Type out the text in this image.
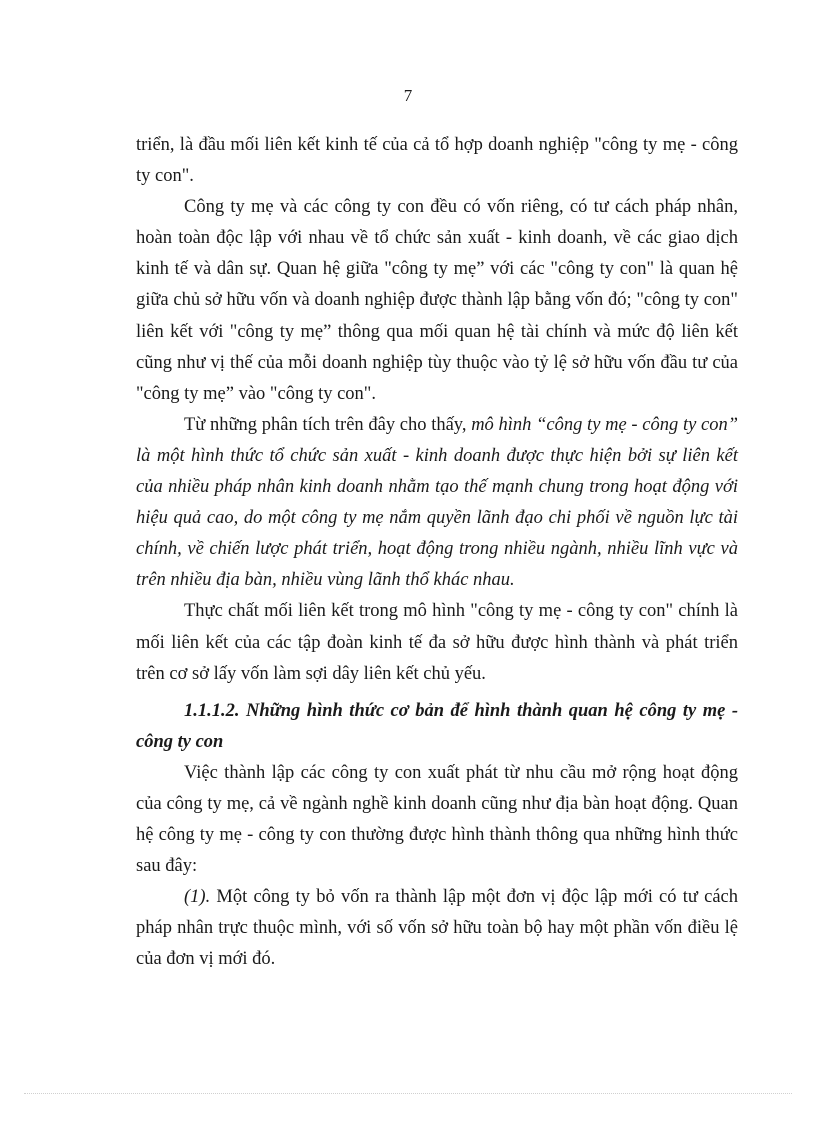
7

triển, là đầu mối liên kết kinh tế của cả tổ hợp doanh nghiệp "công ty mẹ - công ty con".

Công ty mẹ và các công ty con đều có vốn riêng, có tư cách pháp nhân, hoàn toàn độc lập với nhau về tổ chức sản xuất - kinh doanh, về các giao dịch kinh tế và dân sự. Quan hệ giữa "công ty mẹ” với các "công ty con" là quan hệ giữa chủ sở hữu vốn và doanh nghiệp được thành lập bằng vốn đó; "công ty con" liên kết với "công ty mẹ” thông qua mối quan hệ tài chính và mức độ liên kết cũng như vị thế của mỗi doanh nghiệp tùy thuộc vào tỷ lệ sở hữu vốn đầu tư của "công ty mẹ” vào "công ty con".

Từ những phân tích trên đây cho thấy, mô hình “công ty mẹ - công ty con” là một hình thức tổ chức sản xuất - kinh doanh được thực hiện bởi sự liên kết của nhiều pháp nhân kinh doanh nhằm tạo thế mạnh chung trong hoạt động với hiệu quả cao, do một công ty mẹ nắm quyền lãnh đạo chi phối về nguồn lực tài chính, về chiến lược phát triển, hoạt động trong nhiều ngành, nhiều lĩnh vực và trên nhiều địa bàn, nhiều vùng lãnh thổ khác nhau.

Thực chất mối liên kết trong mô hình "công ty mẹ - công ty con" chính là mối liên kết của các tập đoàn kinh tế đa sở hữu được hình thành và phát triển trên cơ sở lấy vốn làm sợi dây liên kết chủ yếu.

1.1.1.2. Những hình thức cơ bản để hình thành quan hệ công ty mẹ - công ty con

Việc thành lập các công ty con xuất phát từ nhu cầu mở rộng hoạt động của công ty mẹ, cả về ngành nghề kinh doanh cũng như địa bàn hoạt động. Quan hệ công ty mẹ - công ty con thường được hình thành thông qua những hình thức sau đây:

(1). Một công ty bỏ vốn ra thành lập một đơn vị độc lập mới có tư cách pháp nhân trực thuộc mình, với số vốn sở hữu toàn bộ hay một phần vốn điều lệ của đơn vị mới đó.
